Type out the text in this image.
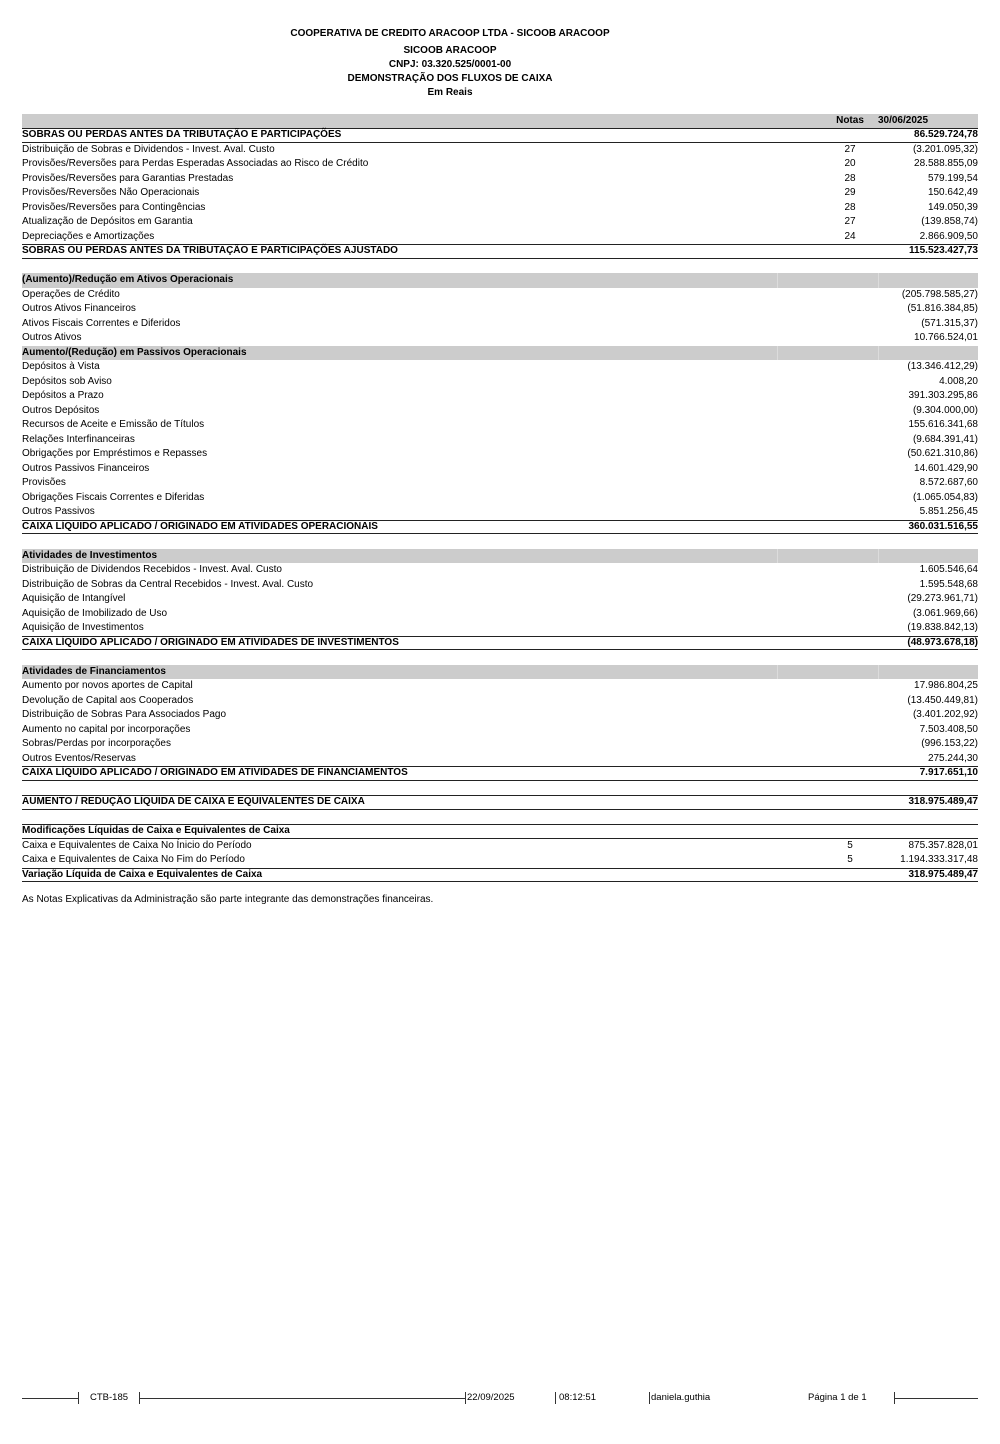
COOPERATIVA DE CREDITO ARACOOP LTDA - SICOOB ARACOOP
SICOOB ARACOOP
CNPJ: 03.320.525/0001-00
DEMONSTRAÇÃO DOS FLUXOS DE CAIXA
Em Reais
Notas	30/06/2025
SOBRAS OU PERDAS ANTES DA TRIBUTAÇÃO E PARTICIPAÇÕES	86.529.724,78
Distribuição de Sobras e Dividendos - Invest. Aval. Custo	27	(3.201.095,32)
Provisões/Reversões para Perdas Esperadas Associadas ao Risco de Crédito	20	28.588.855,09
Provisões/Reversões para Garantias Prestadas	28	579.199,54
Provisões/Reversões Não Operacionais	29	150.642,49
Provisões/Reversões para Contingências	28	149.050,39
Atualização de Depósitos em Garantia	27	(139.858,74)
Depreciações e Amortizações	24	2.866.909,50
SOBRAS OU PERDAS ANTES DA TRIBUTAÇÃO E PARTICIPAÇÕES AJUSTADO	115.523.427,73
(Aumento)/Redução em Ativos Operacionais
Operações de Crédito	(205.798.585,27)
Outros Ativos Financeiros	(51.816.384,85)
Ativos Fiscais Correntes e Diferidos	(571.315,37)
Outros Ativos	10.766.524,01
Aumento/(Redução) em Passivos Operacionais
Depósitos à Vista	(13.346.412,29)
Depósitos sob Aviso	4.008,20
Depósitos a Prazo	391.303.295,86
Outros Depósitos	(9.304.000,00)
Recursos de Aceite e Emissão de Títulos	155.616.341,68
Relações Interfinanceiras	(9.684.391,41)
Obrigações por Empréstimos e Repasses	(50.621.310,86)
Outros Passivos Financeiros	14.601.429,90
Provisões	8.572.687,60
Obrigações Fiscais Correntes e Diferidas	(1.065.054,83)
Outros Passivos	5.851.256,45
CAIXA LÍQUIDO APLICADO / ORIGINADO EM ATIVIDADES OPERACIONAIS	360.031.516,55
Atividades de Investimentos
Distribuição de Dividendos Recebidos - Invest. Aval. Custo	1.605.546,64
Distribuição de Sobras da Central Recebidos - Invest. Aval. Custo	1.595.548,68
Aquisição de Intangível	(29.273.961,71)
Aquisição de Imobilizado de Uso	(3.061.969,66)
Aquisição de Investimentos	(19.838.842,13)
CAIXA LÍQUIDO APLICADO / ORIGINADO EM ATIVIDADES DE INVESTIMENTOS	(48.973.678,18)
Atividades de Financiamentos
Aumento por novos aportes de Capital	17.986.804,25
Devolução de Capital aos Cooperados	(13.450.449,81)
Distribuição de Sobras Para Associados Pago	(3.401.202,92)
Aumento no capital por incorporações	7.503.408,50
Sobras/Perdas por incorporações	(996.153,22)
Outros Eventos/Reservas	275.244,30
CAIXA LÍQUIDO APLICADO / ORIGINADO EM ATIVIDADES DE FINANCIAMENTOS	7.917.651,10
AUMENTO / REDUÇÃO LÍQUIDA DE CAIXA E EQUIVALENTES DE CAIXA	318.975.489,47
Modificações Líquidas de Caixa e Equivalentes de Caixa
Caixa e Equivalentes de Caixa No Ínicio do Período	5	875.357.828,01
Caixa e Equivalentes de Caixa No Fim do Período	5	1.194.333.317,48
Variação Líquida de Caixa e Equivalentes de Caixa	318.975.489,47
As Notas Explicativas da Administração são parte integrante das demonstrações financeiras.
CTB-185	22/09/2025	08:12:51	daniela.guthia	Página 1 de 1
